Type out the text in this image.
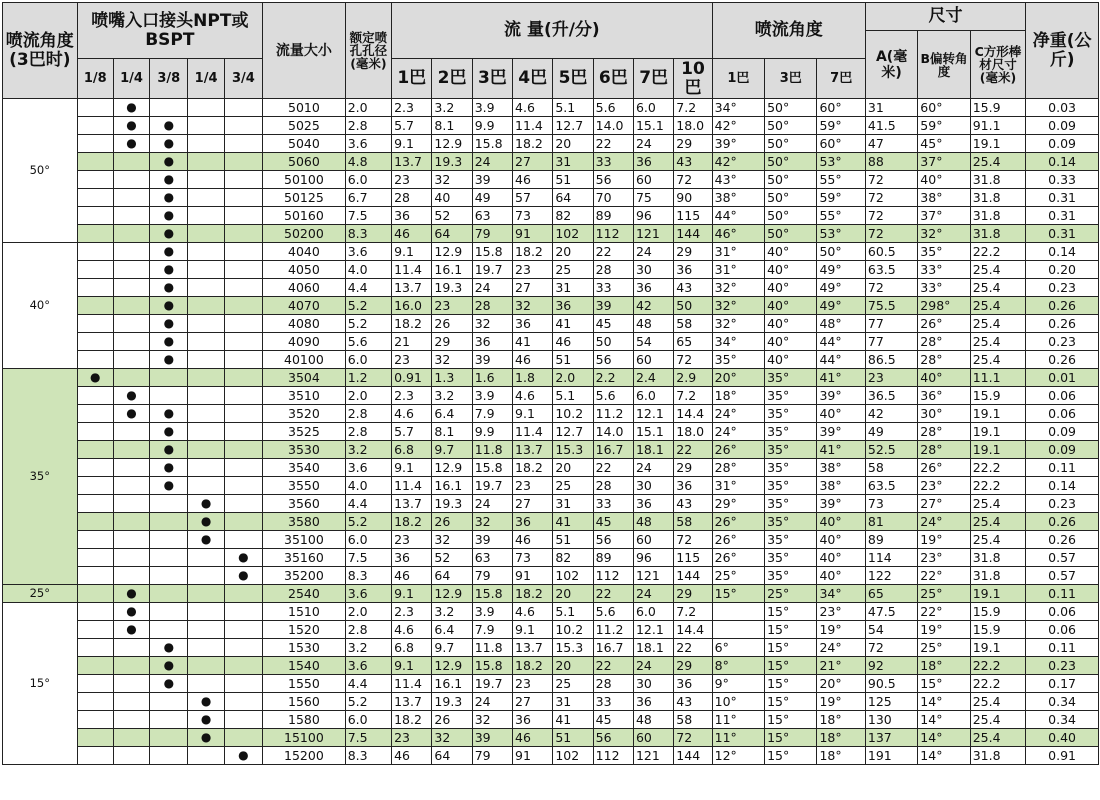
喷流角度(3巴时)	喷嘴入口接头NPT或BSPT					流量大小	额定喷孔孔径(毫米)	流 量(升/分)								喷流角度			尺寸			净重(公斤)
																			A(毫米)	B偏转角度	C方形棒材尺寸(毫米)	
	1/8	1/4	3/8	1/4	3/4			1巴	2巴	3巴	4巴	5巴	6巴	7巴	10巴	1巴	3巴	7巴				
50°		●				5010	2.0	2.3	3.2	3.9	4.6	5.1	5.6	6.0	7.2	34°	50°	60°	31	60°	15.9	0.03
		●	●			5025	2.8	5.7	8.1	9.9	11.4	12.7	14.0	15.1	18.0	42°	50°	59°	41.5	59°	91.1	0.09
		●	●			5040	3.6	9.1	12.9	15.8	18.2	20	22	24	29	39°	50°	60°	47	45°	19.1	0.09
			●			5060	4.8	13.7	19.3	24	27	31	33	36	43	42°	50°	53°	88	37°	25.4	0.14
			●			50100	6.0	23	32	39	46	51	56	60	72	43°	50°	55°	72	40°	31.8	0.33
			●			50125	6.7	28	40	49	57	64	70	75	90	38°	50°	59°	72	38°	31.8	0.31
			●			50160	7.5	36	52	63	73	82	89	96	115	44°	50°	55°	72	37°	31.8	0.31
			●			50200	8.3	46	64	79	91	102	112	121	144	46°	50°	53°	72	32°	31.8	0.31
40°			●			4040	3.6	9.1	12.9	15.8	18.2	20	22	24	29	31°	40°	50°	60.5	35°	22.2	0.14
			●			4050	4.0	11.4	16.1	19.7	23	25	28	30	36	31°	40°	49°	63.5	33°	25.4	0.20
			●			4060	4.4	13.7	19.3	24	27	31	33	36	43	32°	40°	49°	72	33°	25.4	0.23
			●			4070	5.2	16.0	23	28	32	36	39	42	50	32°	40°	49°	75.5	298°	25.4	0.26
			●			4080	5.2	18.2	26	32	36	41	45	48	58	32°	40°	48°	77	26°	25.4	0.26
			●			4090	5.6	21	29	36	41	46	50	54	65	34°	40°	44°	77	28°	25.4	0.23
			●			40100	6.0	23	32	39	46	51	56	60	72	35°	40°	44°	86.5	28°	25.4	0.26
35°	●					3504	1.2	0.91	1.3	1.6	1.8	2.0	2.2	2.4	2.9	20°	35°	41°	23	40°	11.1	0.01
		●				3510	2.0	2.3	3.2	3.9	4.6	5.1	5.6	6.0	7.2	18°	35°	39°	36.5	36°	15.9	0.06
		●	●			3520	2.8	4.6	6.4	7.9	9.1	10.2	11.2	12.1	14.4	24°	35°	40°	42	30°	19.1	0.06
			●			3525	2.8	5.7	8.1	9.9	11.4	12.7	14.0	15.1	18.0	24°	35°	39°	49	28°	19.1	0.09
			●			3530	3.2	6.8	9.7	11.8	13.7	15.3	16.7	18.1	22	26°	35°	41°	52.5	28°	19.1	0.09
			●			3540	3.6	9.1	12.9	15.8	18.2	20	22	24	29	28°	35°	38°	58	26°	22.2	0.11
			●			3550	4.0	11.4	16.1	19.7	23	25	28	30	36	31°	35°	38°	63.5	23°	22.2	0.14
				●		3560	4.4	13.7	19.3	24	27	31	33	36	43	29°	35°	39°	73	27°	25.4	0.23
				●		3580	5.2	18.2	26	32	36	41	45	48	58	26°	35°	40°	81	24°	25.4	0.26
				●		35100	6.0	23	32	39	46	51	56	60	72	26°	35°	40°	89	19°	25.4	0.26
					●	35160	7.5	36	52	63	73	82	89	96	115	26°	35°	40°	114	23°	31.8	0.57
					●	35200	8.3	46	64	79	91	102	112	121	144	25°	35°	40°	122	22°	31.8	0.57
25°		●				2540	3.6	9.1	12.9	15.8	18.2	20	22	24	29	15°	25°	34°	65	25°	19.1	0.11
15°		●				1510	2.0	2.3	3.2	3.9	4.6	5.1	5.6	6.0	7.2		15°	23°	47.5	22°	15.9	0.06
		●				1520	2.8	4.6	6.4	7.9	9.1	10.2	11.2	12.1	14.4		15°	19°	54	19°	15.9	0.06
			●			1530	3.2	6.8	9.7	11.8	13.7	15.3	16.7	18.1	22	6°	15°	24°	72	25°	19.1	0.11
			●			1540	3.6	9.1	12.9	15.8	18.2	20	22	24	29	8°	15°	21°	92	18°	22.2	0.23
			●			1550	4.4	11.4	16.1	19.7	23	25	28	30	36	9°	15°	20°	90.5	15°	22.2	0.17
				●		1560	5.2	13.7	19.3	24	27	31	33	36	43	10°	15°	19°	125	14°	25.4	0.34
				●		1580	6.0	18.2	26	32	36	41	45	48	58	11°	15°	18°	130	14°	25.4	0.34
				●		15100	7.5	23	32	39	46	51	56	60	72	11°	15°	18°	137	14°	25.4	0.40
					●	15200	8.3	46	64	79	91	102	112	121	144	12°	15°	18°	191	14°	31.8	0.91
